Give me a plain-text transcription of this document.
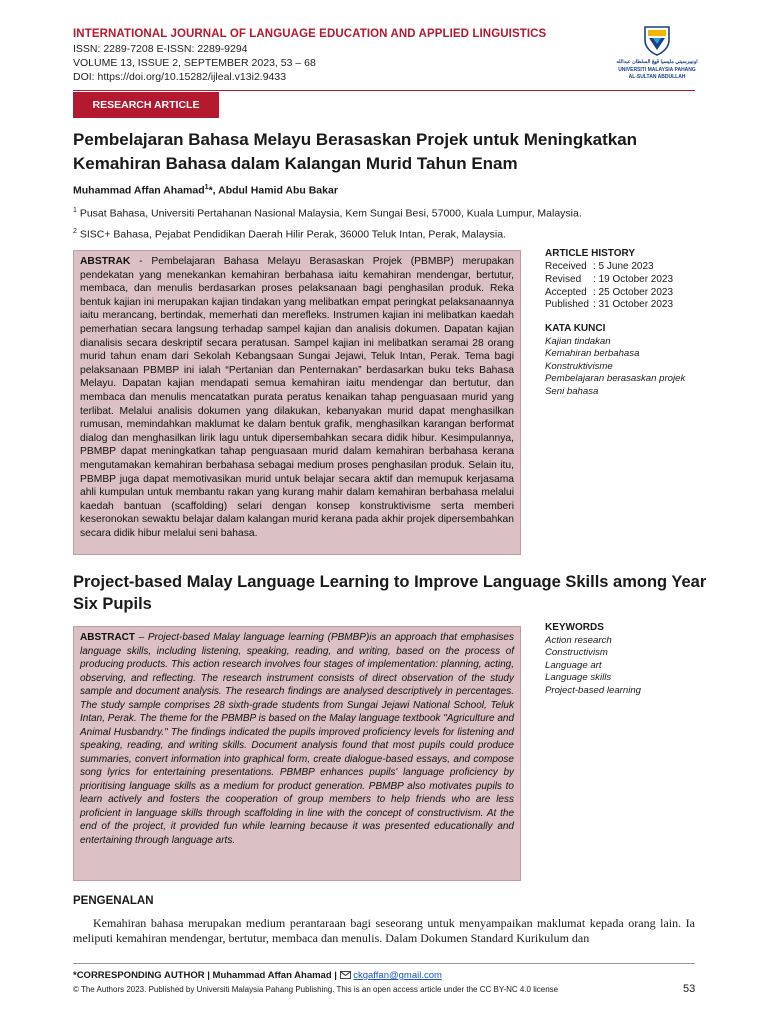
INTERNATIONAL JOURNAL OF LANGUAGE EDUCATION AND APPLIED LINGUISTICS
ISSN: 2289-7208 E-ISSN: 2289-9294
VOLUME 13, ISSUE 2, SEPTEMBER 2023, 53 – 68
DOI: https://doi.org/10.15282/ijleal.v13i2.9433
اونيبرسيتي مليسيا ڤهڠ السلطان عبدالله
UNIVERSITI MALAYSIA PAHANG
AL-SULTAN ABDULLAH
RESEARCH ARTICLE
Pembelajaran Bahasa Melayu Berasaskan Projek untuk Meningkatkan Kemahiran Bahasa dalam Kalangan Murid Tahun Enam
Muhammad Affan Ahamad$^1$*, Abdul Hamid Abu Bakar
$^1$ Pusat Bahasa, Universiti Pertahanan Nasional Malaysia, Kem Sungai Besi, 57000, Kuala Lumpur, Malaysia.
$^2$ SISC+ Bahasa, Pejabat Pendidikan Daerah Hilir Perak, 36000 Teluk Intan, Perak, Malaysia.
ABSTRAK - Pembelajaran Bahasa Melayu Berasaskan Projek (PBMBP) merupakan pendekatan yang menekankan kemahiran berbahasa iaitu kemahiran mendengar, bertutur, membaca, dan menulis berdasarkan proses pelaksanaan bagi penghasilan produk. Reka bentuk kajian ini merupakan kajian tindakan yang melibatkan empat peringkat pelaksanaannya iaitu merancang, bertindak, memerhati dan merefleks. Instrumen kajian ini melibatkan kaedah pemerhatian secara langsung terhadap sampel kajian dan analisis dokumen. Dapatan kajian dianalisis secara deskriptif secara peratusan. Sampel kajian ini melibatkan seramai 28 orang murid tahun enam dari Sekolah Kebangsaan Sungai Jejawi, Teluk Intan, Perak. Tema bagi pelaksanaan PBMBP ini ialah “Pertanian dan Penternakan” berdasarkan buku teks Bahasa Melayu. Dapatan kajian mendapati semua kemahiran iaitu mendengar dan bertutur, dan membaca dan menulis mencatatkan purata peratus kenaikan tahap penguasaan murid yang terlibat. Melalui analisis dokumen yang dilakukan, kebanyakan murid dapat menghasilkan rumusan, memindahkan maklumat ke dalam bentuk grafik, menghasilkan karangan berformat dialog dan menghasilkan lirik lagu untuk dipersembahkan secara didik hibur. Kesimpulannya, PBMBP dapat meningkatkan tahap penguasaan murid dalam kemahiran berbahasa kerana mengutamakan kemahiran berbahasa sebagai medium proses penghasilan produk. Selain itu, PBMBP juga dapat memotivasikan murid untuk belajar secara aktif dan memupuk kerjasama ahli kumpulan untuk membantu rakan yang kurang mahir dalam kemahiran berbahasa melalui kaedah bantuan (scaffolding) selari dengan konsep konstruktivisme serta memberi keseronokan sewaktu belajar dalam kalangan murid kerana pada akhir projek dipersembahkan secara didik hibur melalui seni bahasa.
ARTICLE HISTORY
Received : 5 June 2023
Revised : 19 October 2023
Accepted : 25 October 2023
Published : 31 October 2023
KATA KUNCI
Kajian tindakan
Kemahiran berbahasa
Konstruktivisme
Pembelajaran berasaskan projek
Seni bahasa
Project-based Malay Language Learning to Improve Language Skills among Year Six Pupils
ABSTRACT – Project-based Malay language learning (PBMBP)is an approach that emphasises language skills, including listening, speaking, reading, and writing, based on the process of producing products. This action research involves four stages of implementation: planning, acting, observing, and reflecting. The research instrument consists of direct observation of the study sample and document analysis. The research findings are analysed descriptively in percentages. The study sample comprises 28 sixth-grade students from Sungai Jejawi National School, Teluk Intan, Perak. The theme for the PBMBP is based on the Malay language textbook "Agriculture and Animal Husbandry." The findings indicated the pupils improved proficiency levels for listening and speaking, reading, and writing skills. Document analysis found that most pupils could produce summaries, convert information into graphical form, create dialogue-based essays, and compose song lyrics for entertaining presentations. PBMBP enhances pupils' language proficiency by prioritising language skills as a medium for product generation. PBMBP also motivates pupils to learn actively and fosters the cooperation of group members to help friends who are less proficient in language skills through scaffolding in line with the concept of constructivism. At the end of the project, it provided fun while learning because it was presented educationally and entertaining through language arts.
KEYWORDS
Action research
Constructivism
Language art
Language skills
Project-based learning
PENGENALAN
Kemahiran bahasa merupakan medium perantaraan bagi seseorang untuk menyampaikan maklumat kepada orang lain. Ia meliputi kemahiran mendengar, bertutur, membaca dan menulis. Dalam Dokumen Standard Kurikulum dan
*CORRESPONDING AUTHOR | Muhammad Affan Ahamad |  ckgaffan@gmail.com
© The Authors 2023. Published by Universiti Malaysia Pahang Publishing. This is an open access article under the CC BY-NC 4.0 license	53
